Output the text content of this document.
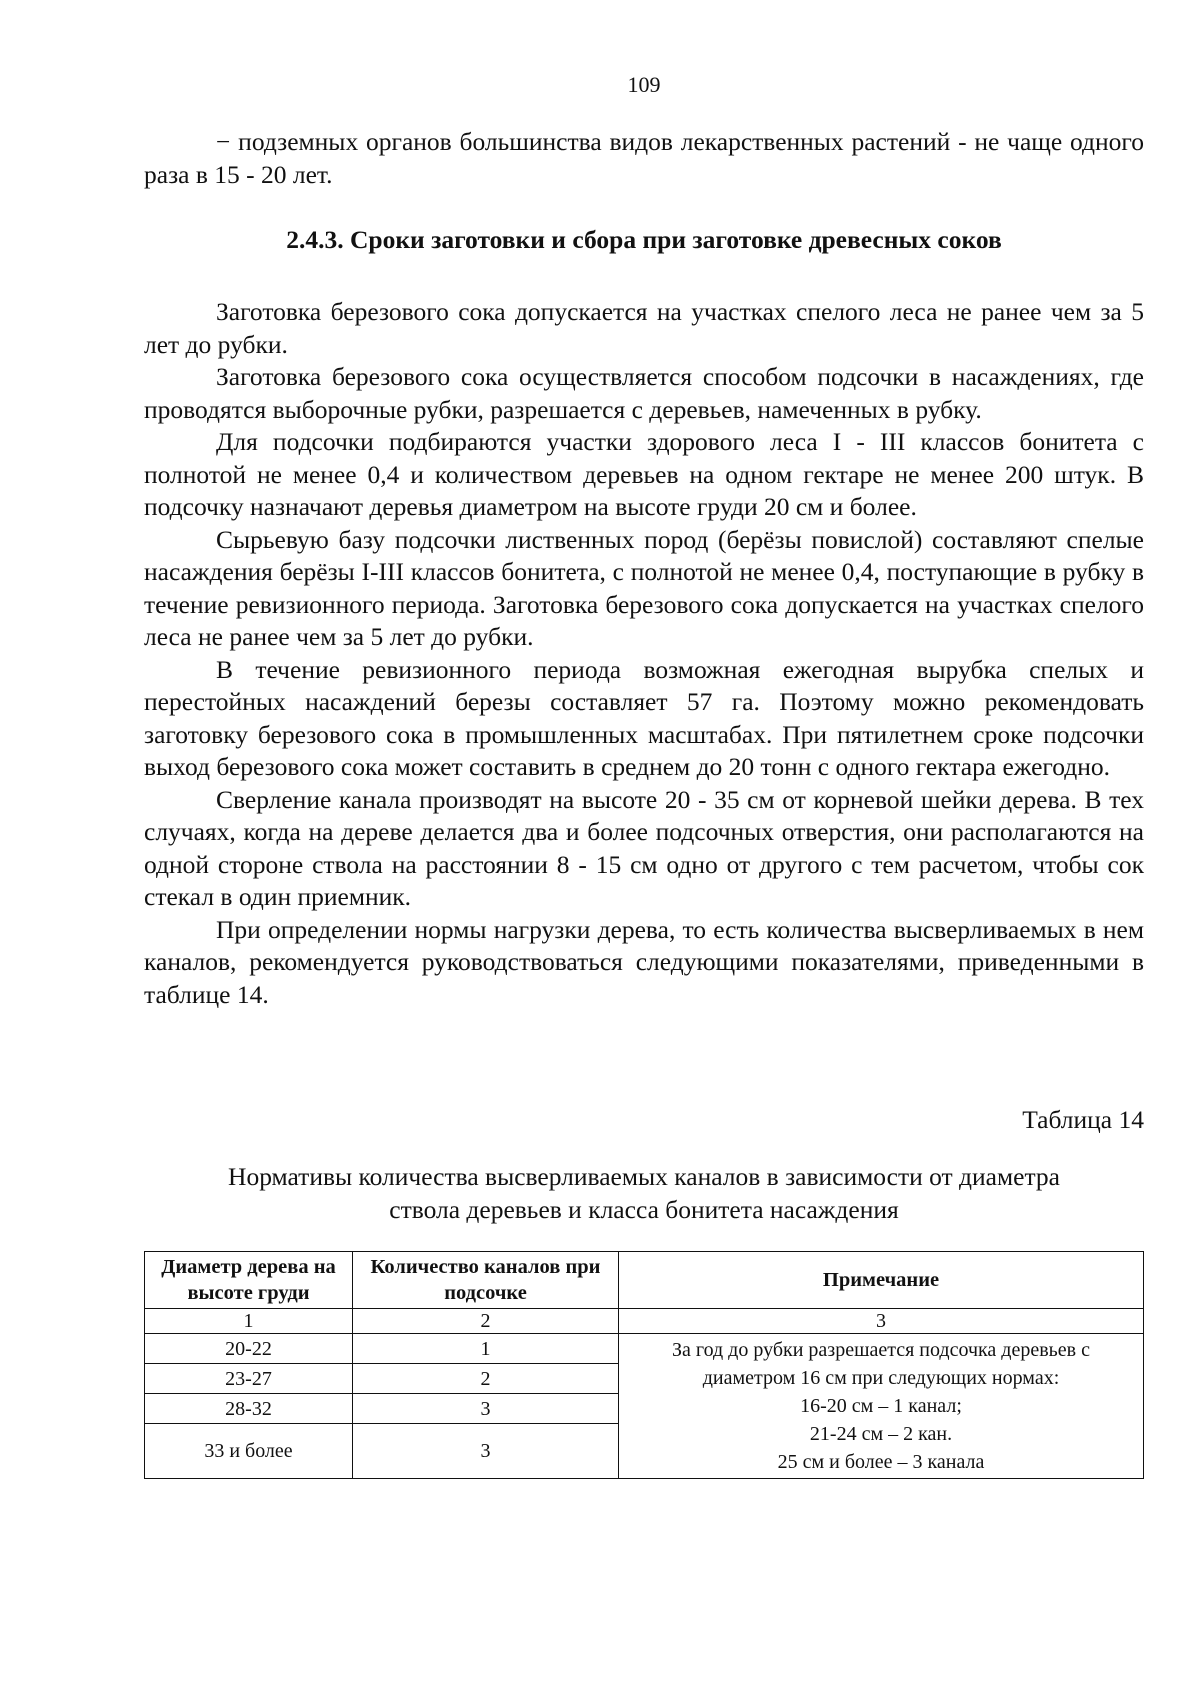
109

− подземных органов большинства видов лекарственных растений - не чаще одного раза в 15 - 20 лет.

2.4.3. Сроки заготовки и сбора при заготовке древесных соков

Заготовка березового сока допускается на участках спелого леса не ранее чем за 5 лет до рубки.

Заготовка березового сока осуществляется способом подсочки в насаждениях, где проводятся выборочные рубки, разрешается с деревьев, намеченных в рубку.

Для подсочки подбираются участки здорового леса I - III классов бонитета с полнотой не менее 0,4 и количеством деревьев на одном гектаре не менее 200 штук. В подсочку назначают деревья диаметром на высоте груди 20 см и более.

Сырьевую базу подсочки лиственных пород (берёзы повислой) составляют спелые насаждения берёзы I-III классов бонитета, с полнотой не менее 0,4, поступающие в рубку в течение ревизионного периода. Заготовка березового сока допускается на участках спелого леса не ранее чем за 5 лет до рубки.

В течение ревизионного периода возможная ежегодная вырубка спелых и перестойных насаждений березы составляет 57 га. Поэтому можно рекомендовать заготовку березового сока в промышленных масштабах. При пятилетнем сроке подсочки выход березового сока может составить в среднем до 20 тонн с одного гектара ежегодно.

Сверление канала производят на высоте 20 - 35 см от корневой шейки дерева. В тех случаях, когда на дереве делается два и более подсочных отверстия, они располагаются на одной стороне ствола на расстоянии 8 - 15 см одно от другого с тем расчетом, чтобы сок стекал в один приемник.

При определении нормы нагрузки дерева, то есть количества высверливаемых в нем каналов, рекомендуется руководствоваться следующими показателями, приведенными в таблице 14.

Таблица 14
Нормативы количества высверливаемых каналов в зависимости от диаметра
ствола деревьев и класса бонитета насаждения
Диаметр дерева на высоте груди	Количество каналов при подсочке	Примечание
1	2	3
20-22	1	За год до рубки разрешается подсочка деревьев с
диаметром 16 см при следующих нормах:
16-20 см – 1 канал;
21-24 см – 2 кан.
25 см и более – 3 канала

23-27	2	
28-32	3	
33 и более	3	
